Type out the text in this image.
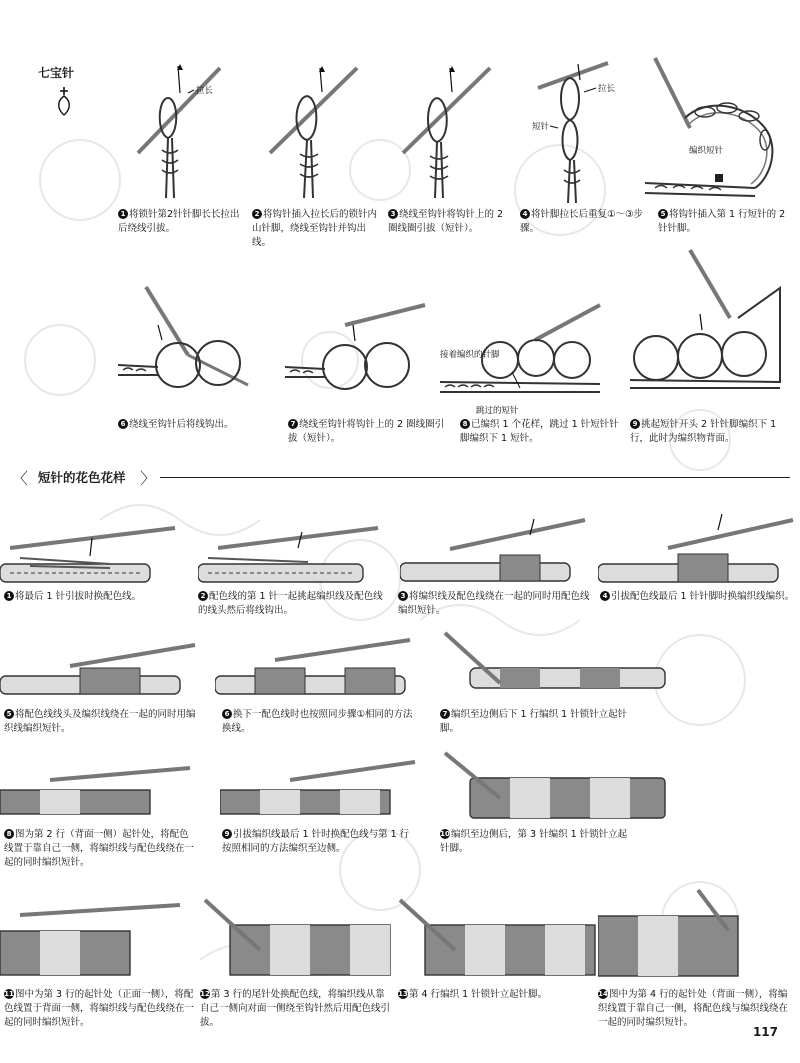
七宝针
拉长
1 将锁针第2针针脚长长拉出后绕线引拔。
2 将钩针插入拉长后的锁针内山针脚，绕线至钩针并钩出线。
3 绕线至钩针将钩针上的 2 圈线圈引拔（短针）。
拉长
短针
4 将针脚拉长后重复①～③步骤。
编织短针
5 将钩针插入第 1 行短针的 2 针针脚。
6 绕线至钩针后将线钩出。	7 绕线至钩针将钩针上的 2 圈线圈引拔（短针）。
接着编织的针脚
跳过的短针
8 已编织 1 个花样，跳过 1 针短针针脚编织下 1 短针。
9 挑起短针开头 2 针针脚编织下 1 行，此时为编织物背面。
〈 短针的花色花样 〉
1 将最后 1 针引拔时换配色线。	2 配色线的第 1 针一起挑起编织线及配色线的线头然后将线钩出。
3 将编织线及配色线绕在一起的同时用配色线编织短针。
4 引拔配色线最后 1 针针脚时换编织线编织。
5 将配色线线头及编织线绕在一起的同时用编织线编织短针。
6 换下一配色线时也按照同步骤①相同的方法换线。
7 编织至边侧后下 1 行编织 1 针锁针立起针脚。
8 图为第 2 行（背面一侧）起针处，将配色线置于靠自己一侧，将编织线与配色线绕在一起的同时编织短针。
9 引拔编织线最后 1 针时换配色线与第 1 行按照相同的方法编织至边侧。
10编织至边侧后，第 3 针编织 1 针锁针立起针脚。
11图中为第 3 行的起针处（正面一侧），将配色线置于背面一侧，将编织线与配色线绕在一起的同时编织短针。
12第 3 行的尾针处换配色线，将编织线从靠自己一侧向对面一侧绕至钩针然后用配色线引拔。
13第 4 行编织 1 针锁针立起针脚。	14图中为第 4 行的起针处（背面一侧），将编织线置于靠自己一侧，将配色线与编织线绕在一起的同时编织短针。
117
